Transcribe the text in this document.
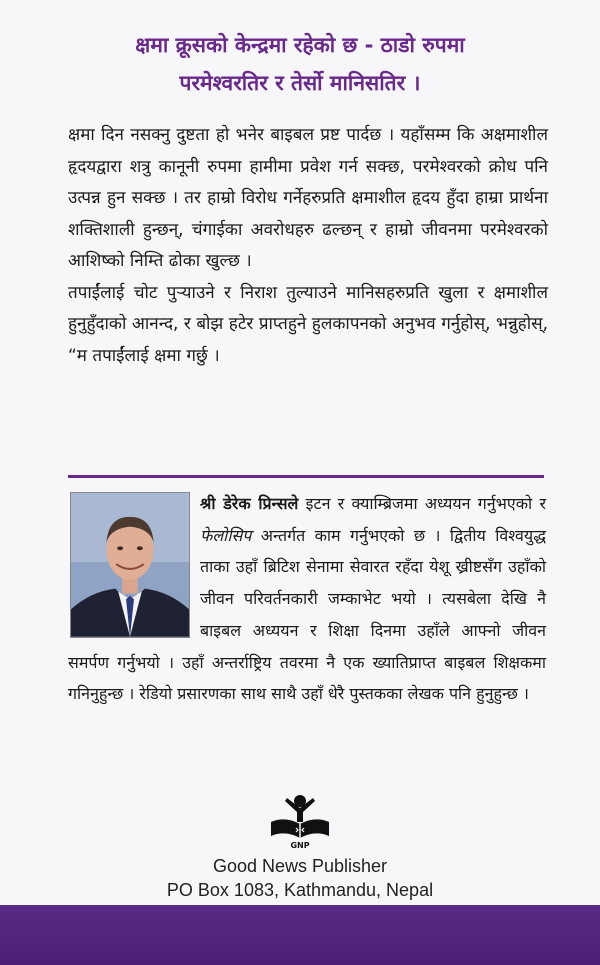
क्षमा क्रूसको केन्द्रमा रहेको छ - ठाडो रुपमा
परमेश्वरतिर र तेर्सो मानिसतिर ।
क्षमा दिन नसक्नु दुष्टता हो भनेर बाइबल प्रष्ट पार्दछ । यहाँसम्म कि अक्षमाशील हृदयद्वारा शत्रु कानूनी रुपमा हामीमा प्रवेश गर्न सक्छ, परमेश्वरको क्रोध पनि उत्पन्न हुन सक्छ । तर हाम्रो विरोध गर्नेहरुप्रति क्षमाशील हृदय हुँदा हाम्रा प्रार्थना शक्तिशाली हुन्छन्, चंगाईका अवरोधहरु ढल्छन् र हाम्रो जीवनमा परमेश्वरको आशिष्को निम्ति ढोका खुल्छ ।
तपाईंलाई चोट पुर्‍याउने र निराश तुल्याउने मानिसहरुप्रति खुला र क्षमाशील हुनुहुँदाको आनन्द, र बोझ हटेर प्राप्तहुने हुलकापनको अनुभव गर्नुहोस्, भन्नुहोस्, “म तपाईंलाई क्षमा गर्छु ।
श्री डेरेक प्रिन्सले इटन र क्याम्ब्रिजमा अध्ययन गर्नुभएको र फेलोसिप अन्तर्गत काम गर्नुभएको छ । द्वितीय विश्वयुद्ध ताका उहाँ ब्रिटिश सेनामा सेवारत रहँदा येशू ख्रीष्टसँग उहाँको जीवन परिवर्तनकारी जम्काभेट भयो । त्यसबेला देखि नै बाइबल अध्ययन र शिक्षा दिनमा उहाँले आफ्नो जीवन समर्पण गर्नुभयो । उहाँ अन्तर्राष्ट्रिय तवरमा नै एक ख्यातिप्राप्त बाइबल शिक्षकमा गनिनुहुन्छ । रेडियो प्रसारणका साथ साथै उहाँ धेरै पुस्तकका लेखक पनि हुनुहुन्छ ।
GNP
Good News Publisher
PO Box 1083, Kathmandu, Nepal
